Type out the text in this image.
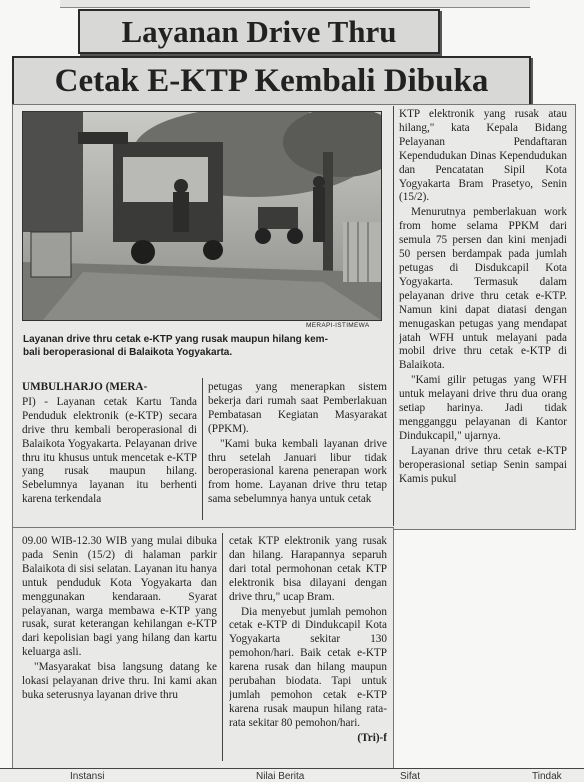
Layanan Drive Thru
Cetak E-KTP Kembali Dibuka
MERAPI-ISTIMEWA
Layanan drive thru cetak e-KTP yang rusak maupun hilang kem-
bali beroperasional di Balaikota Yogyakarta.

UMBULHARJO (MERA-

PI) - Layanan cetak Kartu Tanda Penduduk elektronik (e-KTP) secara drive thru kembali beroperasional di Balaikota Yogyakarta. Pelayanan drive thru itu khusus untuk mencetak e-KTP yang rusak maupun hilang. Sebelumnya layanan itu berhenti karena terkendala

petugas yang menerapkan sistem bekerja dari rumah saat Pemberlakuan Pembatasan Kegiatan Masyarakat (PPKM).

"Kami buka kembali layanan drive thru setelah Januari libur tidak beroperasional karena penerapan work from home. Layanan drive thru tetap sama sebelumnya hanya untuk cetak

KTP elektronik yang rusak atau hilang," kata Kepala Bidang Pelayanan Pendaftaran Kependudukan Dinas Kependudukan dan Pencatatan Sipil Kota Yogyakarta Bram Prasetyo, Senin (15/2).

Menurutnya pemberlakuan work from home selama PPKM dari semula 75 persen dan kini menjadi 50 persen berdampak pada jumlah petugas di Disdukcapil Kota Yogyakarta. Termasuk dalam pelayanan drive thru cetak e-KTP. Namun kini dapat diatasi dengan menugaskan petugas yang mendapat jatah WFH untuk melayani pada mobil drive thru cetak e-KTP di Balaikota.

"Kami gilir petugas yang WFH untuk melayani drive thru dua orang setiap harinya. Jadi tidak mengganggu pelayanan di Kantor Dindukcapil," ujarnya.

Layanan drive thru cetak e-KTP beroperasional setiap Senin sampai Kamis pukul

09.00 WIB-12.30 WIB yang mulai dibuka pada Senin (15/2) di halaman parkir Balaikota di sisi selatan. Layanan itu hanya untuk penduduk Kota Yogyakarta dan menggunakan kendaraan. Syarat pelayanan, warga membawa e-KTP yang rusak, surat keterangan kehilangan e-KTP dari kepolisian bagi yang hilang dan kartu keluarga asli.

"Masyarakat bisa langsung datang ke lokasi pelayanan drive thru. Ini kami akan buka seterusnya layanan drive thru

cetak KTP elektronik yang rusak dan hilang. Harapannya separuh dari total permohonan cetak KTP elektronik bisa dilayani dengan drive thru," ucap Bram.

Dia menyebut jumlah pemohon cetak e-KTP di Dindukcapil Kota Yogyakarta sekitar 130 pemohon/hari. Baik cetak e-KTP karena rusak dan hilang maupun perubahan biodata. Tapi untuk jumlah pemohon cetak e-KTP karena rusak maupun hilang rata-rata sekitar 80 pemohon/hari.

(Tri)-f

Instansi	Nilai Berita	Sifat	Tindak
